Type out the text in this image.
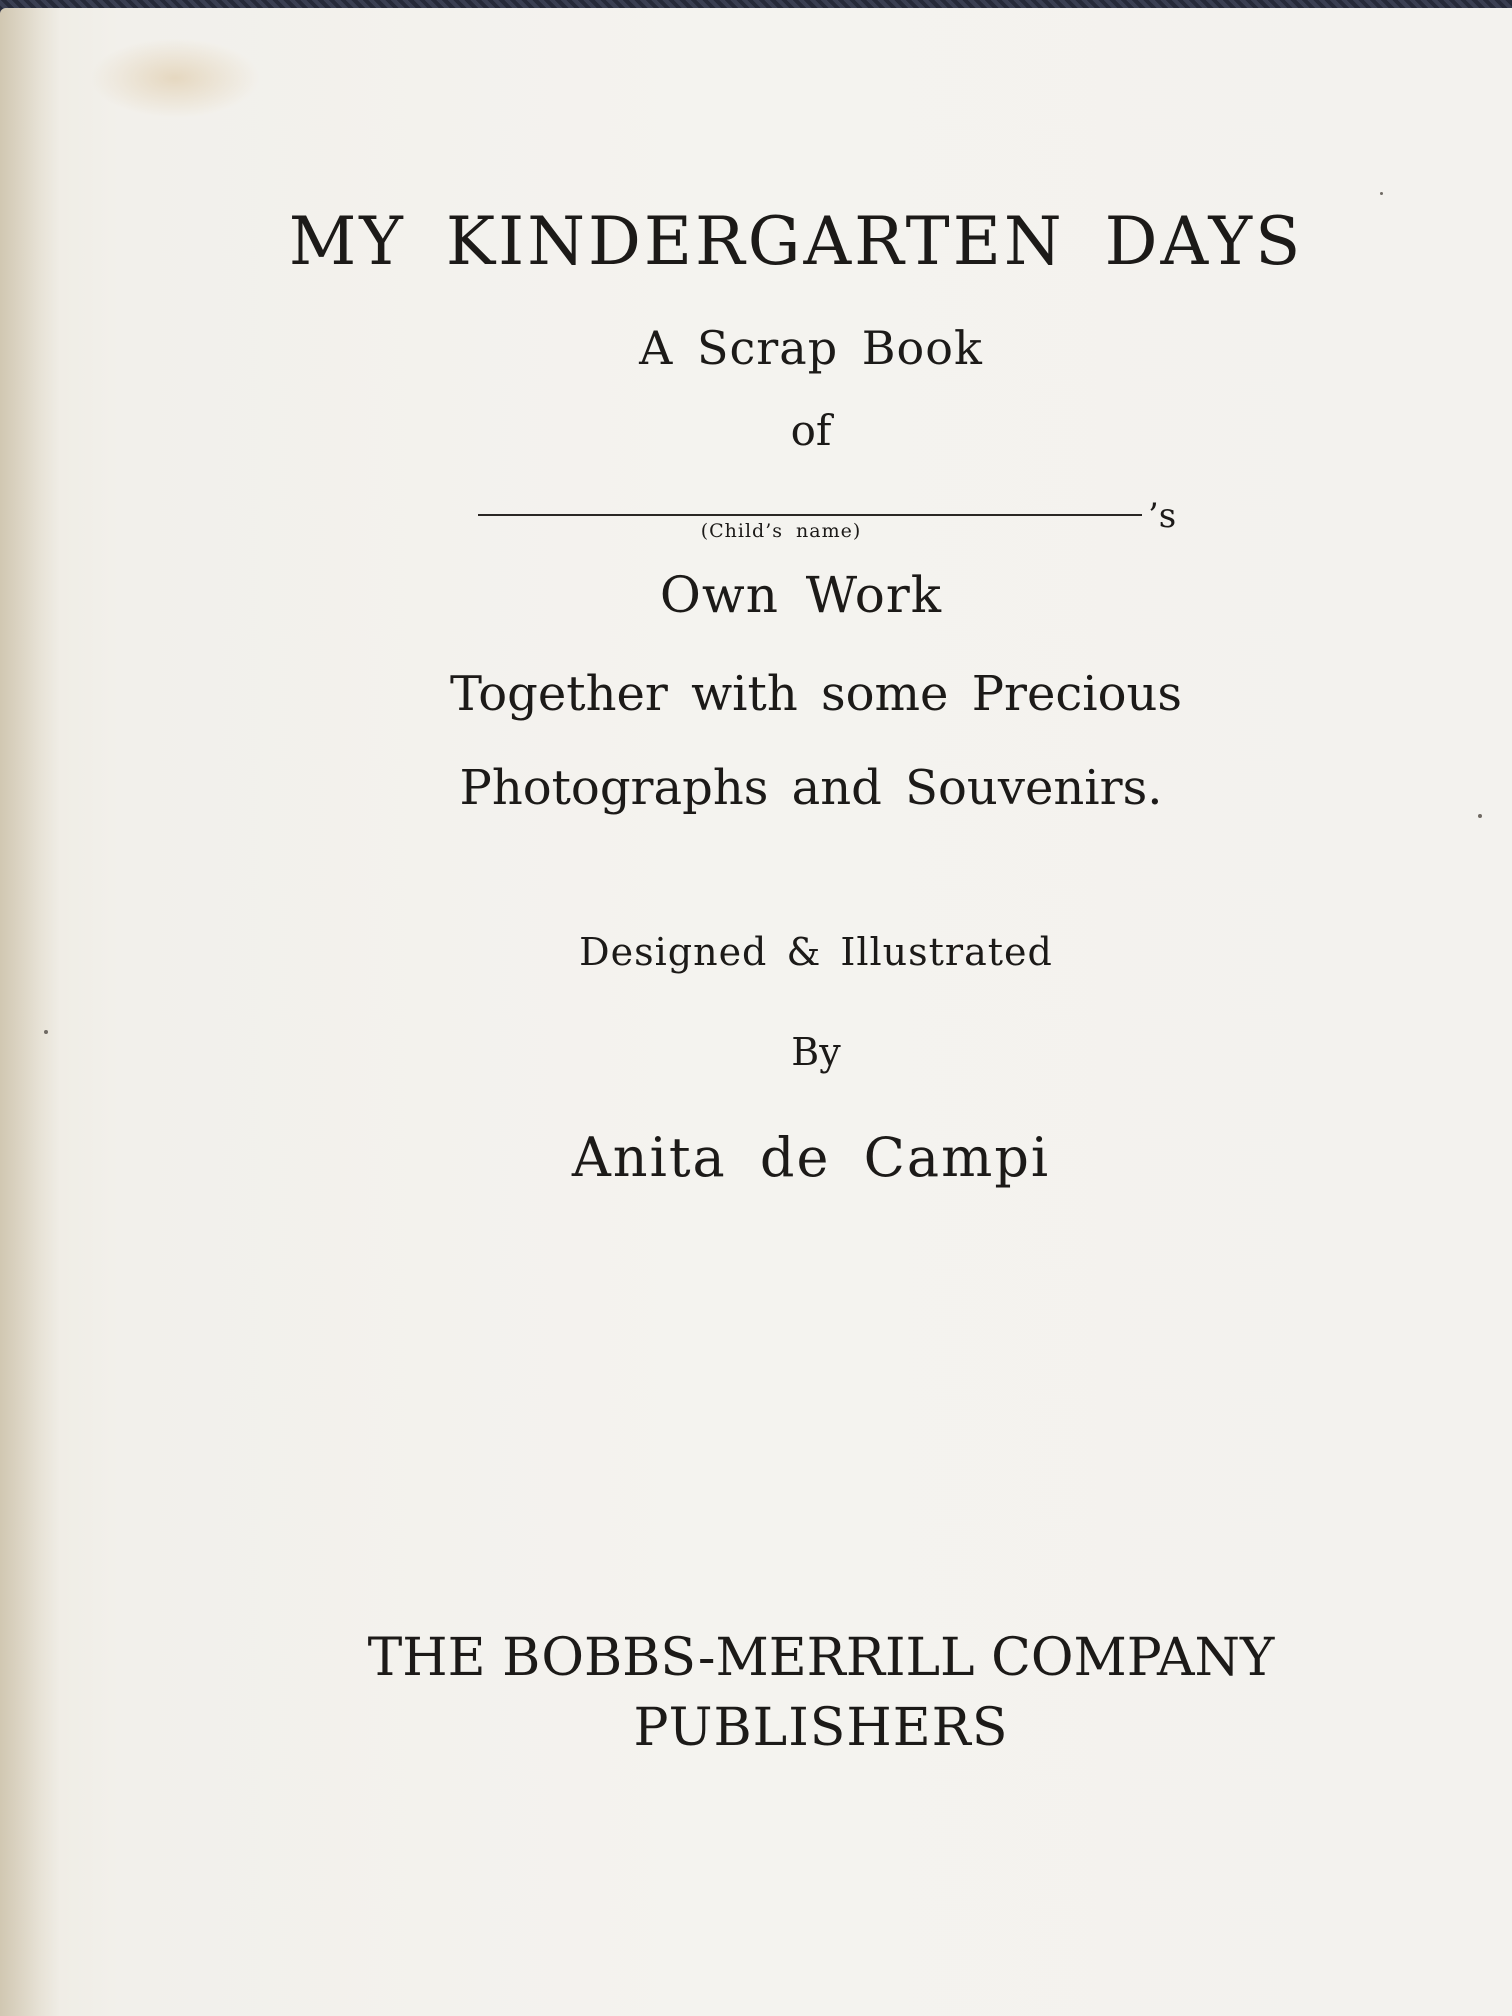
MY KINDERGARTEN DAYS
A Scrap Book
of
’s
(Child’s name)
Own Work
Together with some Precious
Photographs and Souvenirs.
Designed & Illustrated
By
Anita de Campi
THE BOBBS-MERRILL COMPANY
PUBLISHERS
